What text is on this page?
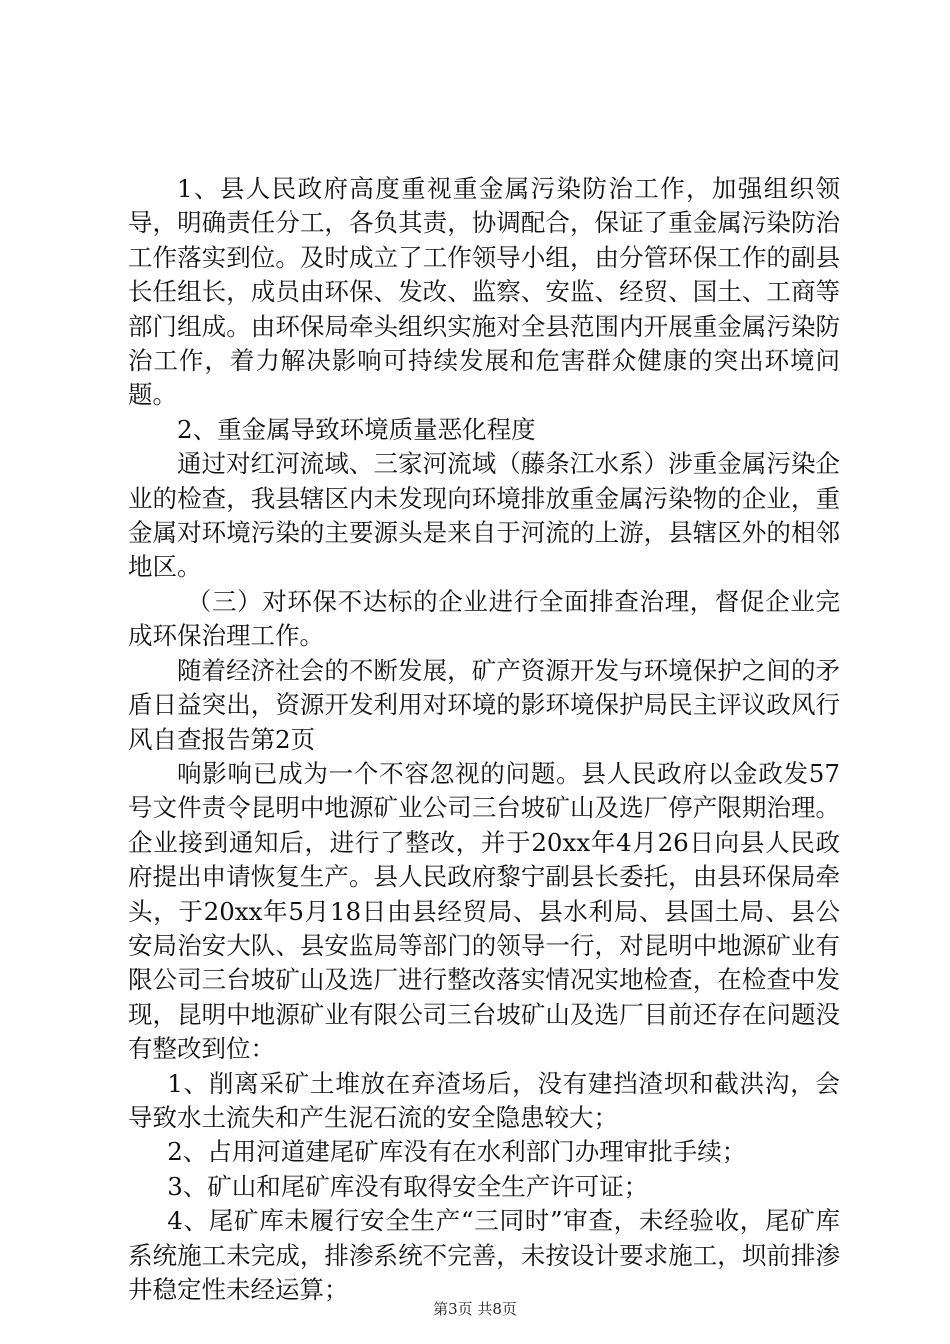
1、县人民政府高度重视重金属污染防治工作，加强组织领导，明确责任分工，各负其责，协调配合，保证了重金属污染防治工作落实到位。及时成立了工作领导小组，由分管环保工作的副县长任组长，成员由环保、发改、监察、安监、经贸、国土、工商等部门组成。由环保局牵头组织实施对全县范围内开展重金属污染防治工作，着力解决影响可持续发展和危害群众健康的突出环境问题。

2、重金属导致环境质量恶化程度

通过对红河流域、三家河流域（藤条江水系）涉重金属污染企业的检查，我县辖区内未发现向环境排放重金属污染物的企业，重金属对环境污染的主要源头是来自于河流的上游，县辖区外的相邻地区。

（三）对环保不达标的企业进行全面排查治理，督促企业完成环保治理工作。

随着经济社会的不断发展，矿产资源开发与环境保护之间的矛盾日益突出，资源开发利用对环境的影环境保护局民主评议政风行风自查报告第2页

响影响已成为一个不容忽视的问题。县人民政府以金政发57号文件责令昆明中地源矿业公司三台坡矿山及选厂停产限期治理。企业接到通知后，进行了整改，并于20xx年4月26日向县人民政府提出申请恢复生产。县人民政府黎宁副县长委托，由县环保局牵头，于20xx年5月18日由县经贸局、县水利局、县国土局、县公安局治安大队、县安监局等部门的领导一行，对昆明中地源矿业有限公司三台坡矿山及选厂进行整改落实情况实地检查，在检查中发现，昆明中地源矿业有限公司三台坡矿山及选厂目前还存在问题没有整改到位：

1、削离采矿土堆放在弃渣场后，没有建挡渣坝和截洪沟，会导致水土流失和产生泥石流的安全隐患较大；

2、占用河道建尾矿库没有在水利部门办理审批手续；

3、矿山和尾矿库没有取得安全生产许可证；

4、尾矿库未履行安全生产“三同时”审查，未经验收，尾矿库系统施工未完成，排渗系统不完善，未按设计要求施工，坝前排渗井稳定性未经运算；

第3页 共8页
